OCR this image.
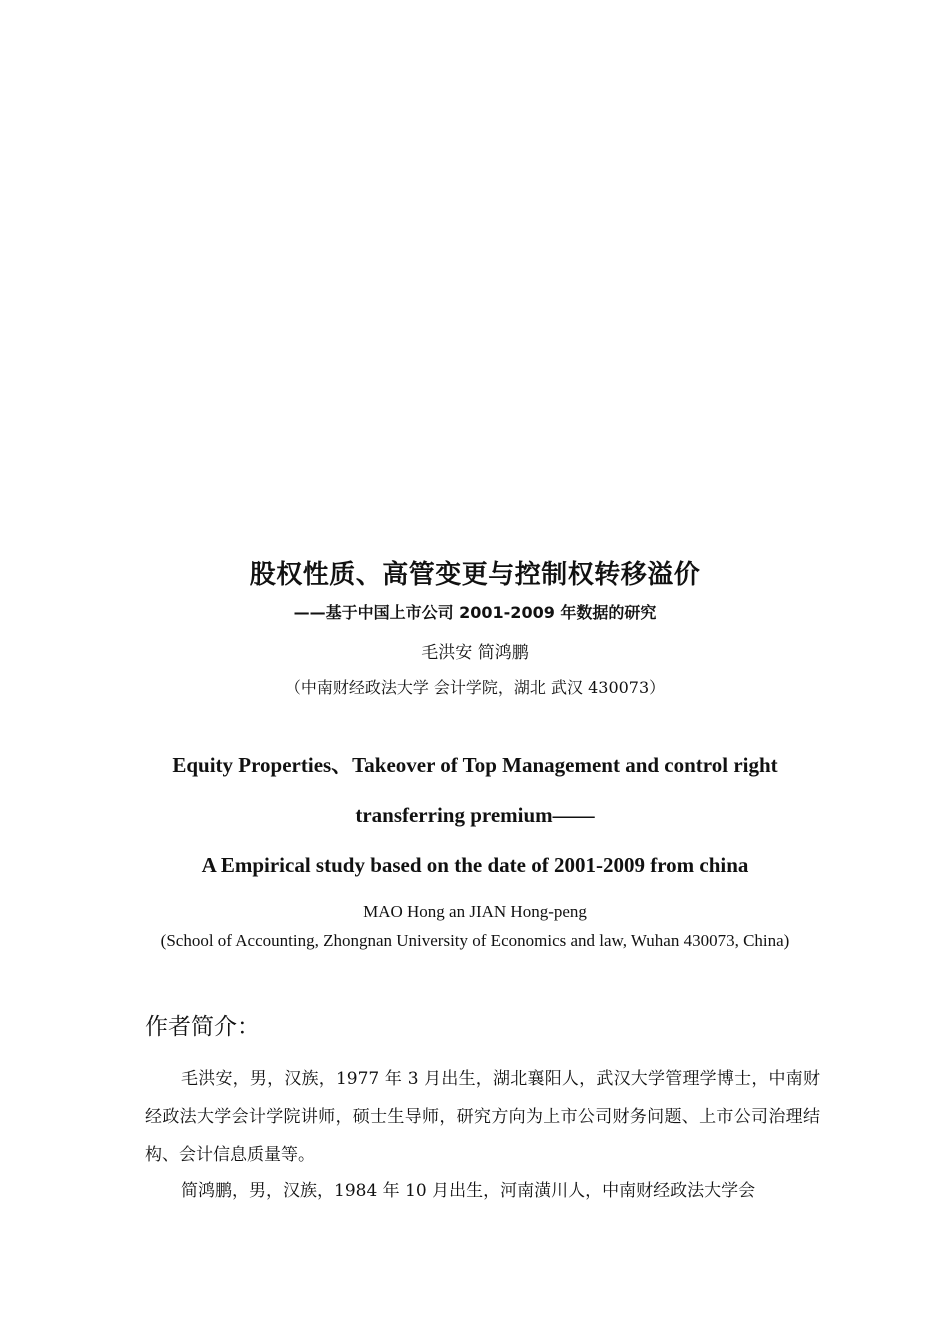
股权性质、高管变更与控制权转移溢价
——基于中国上市公司 2001-2009 年数据的研究
毛洪安 简鸿鹏
（中南财经政法大学 会计学院，湖北 武汉 430073）
Equity Properties、Takeover of Top Management and control right
transferring premium——
A Empirical study based on the date of 2001-2009 from china
MAO Hong an JIAN Hong-peng
(School of Accounting, Zhongnan University of Economics and law, Wuhan 430073, China)
作者简介：

毛洪安，男，汉族，1977 年 3 月出生，湖北襄阳人，武汉大学管理学博士，中南财经政法大学会计学院讲师，硕士生导师，研究方向为上市公司财务问题、上市公司治理结构、会计信息质量等。

简鸿鹏，男，汉族，1984 年 10 月出生，河南潢川人，中南财经政法大学会
